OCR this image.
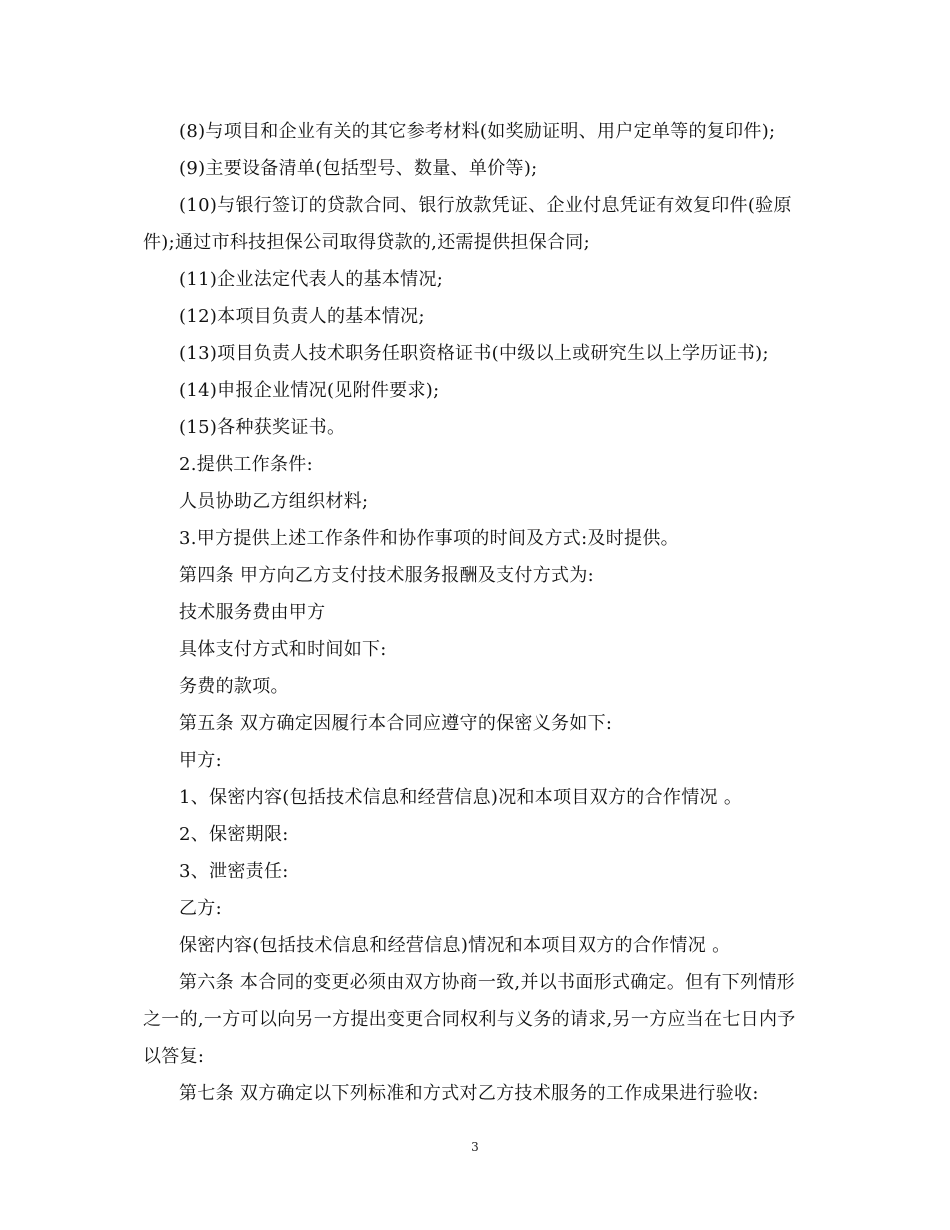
(8)与项目和企业有关的其它参考材料(如奖励证明、用户定单等的复印件);

(9)主要设备清单(包括型号、数量、单价等);

(10)与银行签订的贷款合同、银行放款凭证、企业付息凭证有效复印件(验原件);通过市科技担保公司取得贷款的,还需提供担保合同;

(11)企业法定代表人的基本情况;

(12)本项目负责人的基本情况;

(13)项目负责人技术职务任职资格证书(中级以上或研究生以上学历证书);

(14)申报企业情况(见附件要求);

(15)各种获奖证书。

2.提供工作条件:

人员协助乙方组织材料;

3.甲方提供上述工作条件和协作事项的时间及方式:及时提供。

第四条 甲方向乙方支付技术服务报酬及支付方式为:

技术服务费由甲方

具体支付方式和时间如下:

务费的款项。

第五条 双方确定因履行本合同应遵守的保密义务如下:

甲方:

1、保密内容(包括技术信息和经营信息)况和本项目双方的合作情况 。

2、保密期限:

3、泄密责任:

乙方:

保密内容(包括技术信息和经营信息)情况和本项目双方的合作情况 。

第六条 本合同的变更必须由双方协商一致,并以书面形式确定。但有下列情形之一的,一方可以向另一方提出变更合同权利与义务的请求,另一方应当在七日内予以答复:

第七条 双方确定以下列标准和方式对乙方技术服务的工作成果进行验收:

3
